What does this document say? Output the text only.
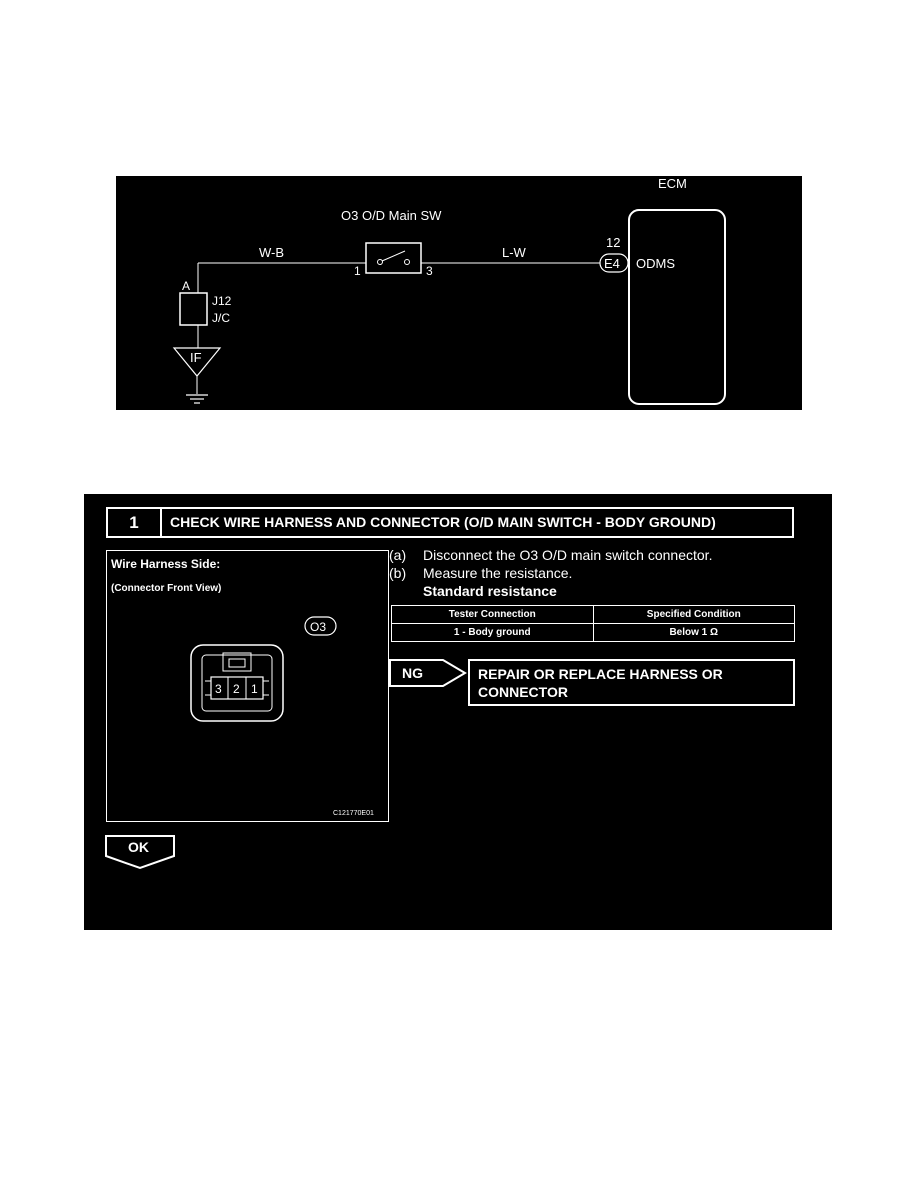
ECM
O3 O/D Main SW
1	3
W-B	L-W
E4
12
ODMS
A
J12
J/C
IF
1	CHECK WIRE HARNESS AND CONNECTOR (O/D MAIN SWITCH - BODY GROUND)
Wire Harness Side:
(Connector Front View)
O3
3 2 1
C121770E01
(a) Disconnect the O3 O/D main switch connector.
(b) Measure the resistance.
Standard resistance
Tester Connection	Specified Condition
1 - Body ground	Below 1 Ω
NG	REPAIR OR REPLACE HARNESS OR
CONNECTOR
OK
